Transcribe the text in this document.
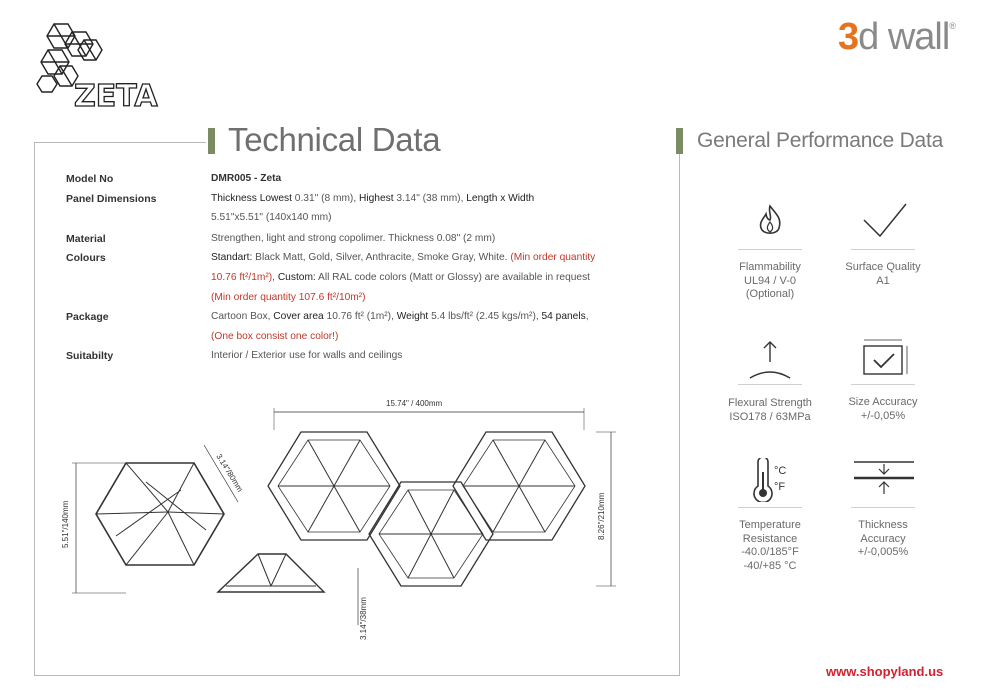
ZETA
3d wall®
Technical Data	General Performance Data
Model No
Panel Dimensions
Material
Colours
Package
Suitabilty
DMR005 - Zeta
Thickness Lowest 0.31" (8 mm), Highest 3.14" (38 mm), Length x Width
5.51"x5.51" (140x140 mm)
Strengthen, light and strong copolimer. Thickness 0.08" (2 mm)
Standart: Black Matt, Gold, Silver, Anthracite, Smoke Gray, White. (Min order quantity
10.76 ft²/1m²), Custom: All RAL code colors (Matt or Glossy) are available in request
(Min order quantity 107.6 ft²/10m²)
Cartoon Box, Cover area 10.76 ft² (1m²), Weight 5.4 lbs/ft² (2.45 kgs/m²), 54 panels,
(One box consist one color!)
Interior / Exterior use for walls and ceilings
15.74" / 400mm
8.26"/210mm
5.51"/140mm
3.14"/80mm
3.14"/38mm
Flammability
UL94 / V-0
(Optional)
Surface Quality
A1
Flexural Strength
ISO178 / 63MPa
Size Accuracy
+/-0,05%
°C
°F
Temperature
Resistance
-40.0/185°F
-40/+85 °C
Thickness
Accuracy
+/-0,005%
www.shopyland.us
